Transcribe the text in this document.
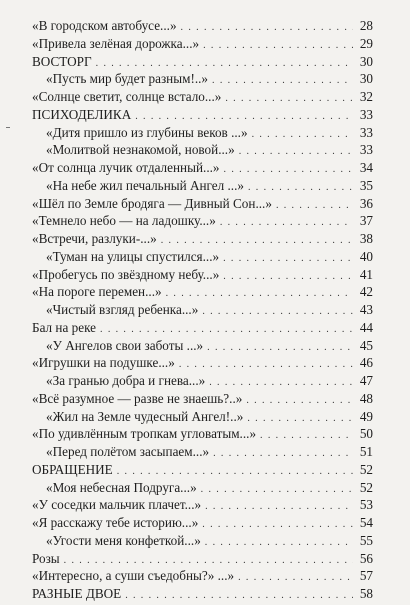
«В городском автобусе...» . . .	28
«Привела зелёная дорожка...» . . .	29
ВОСТОРГ . . .	30
«Пусть мир будет разным!..» . . .	30
«Солнце светит, солнце встало...» . . .	32
ПСИХОДЕЛИКА . . .	33
«Дитя пришло из глубины веков ...» . . .	33
«Молитвой незнакомой, новой...» . . .	33
«От солнца лучик отдаленный...» . . .	34
«На небе жил печальный Ангел ...» . . .	35
«Шёл по Земле бродяга — Дивный Сон...» . . .	36
«Темнело небо — на ладошку...» . . .	37
«Встречи, разлуки-...» . . .	38
«Туман на улицы спустился...» . . .	40
«Пробегусь по звёздному небу...» . . .	41
«На пороге перемен...» . . .	42
«Чистый взгляд ребенка...» . . .	43
Бал на реке . . .	44
«У Ангелов свои заботы ...» . . .	45
«Игрушки на подушке...» . . .	46
«За гранью добра и гнева...» . . .	47
«Всё разумное — разве не знаешь?..» . . .	48
«Жил на Земле чудесный Ангел!..» . . .	49
«По удивлённым тропкам угловатым...» . . .	50
«Перед полётом засыпаем...» . . .	51
ОБРАЩЕНИЕ . . .	52
«Моя небесная Подруга...» . . .	52
«У соседки мальчик плачет...» . . .	53
«Я расскажу тебе историю...» . . .	54
«Угости меня конфеткой...» . . .	55
Розы . . .	56
«Интересно, а суши съедобны?» ...» . . .	57
РАЗНЫЕ ДВОЕ . . .	58
